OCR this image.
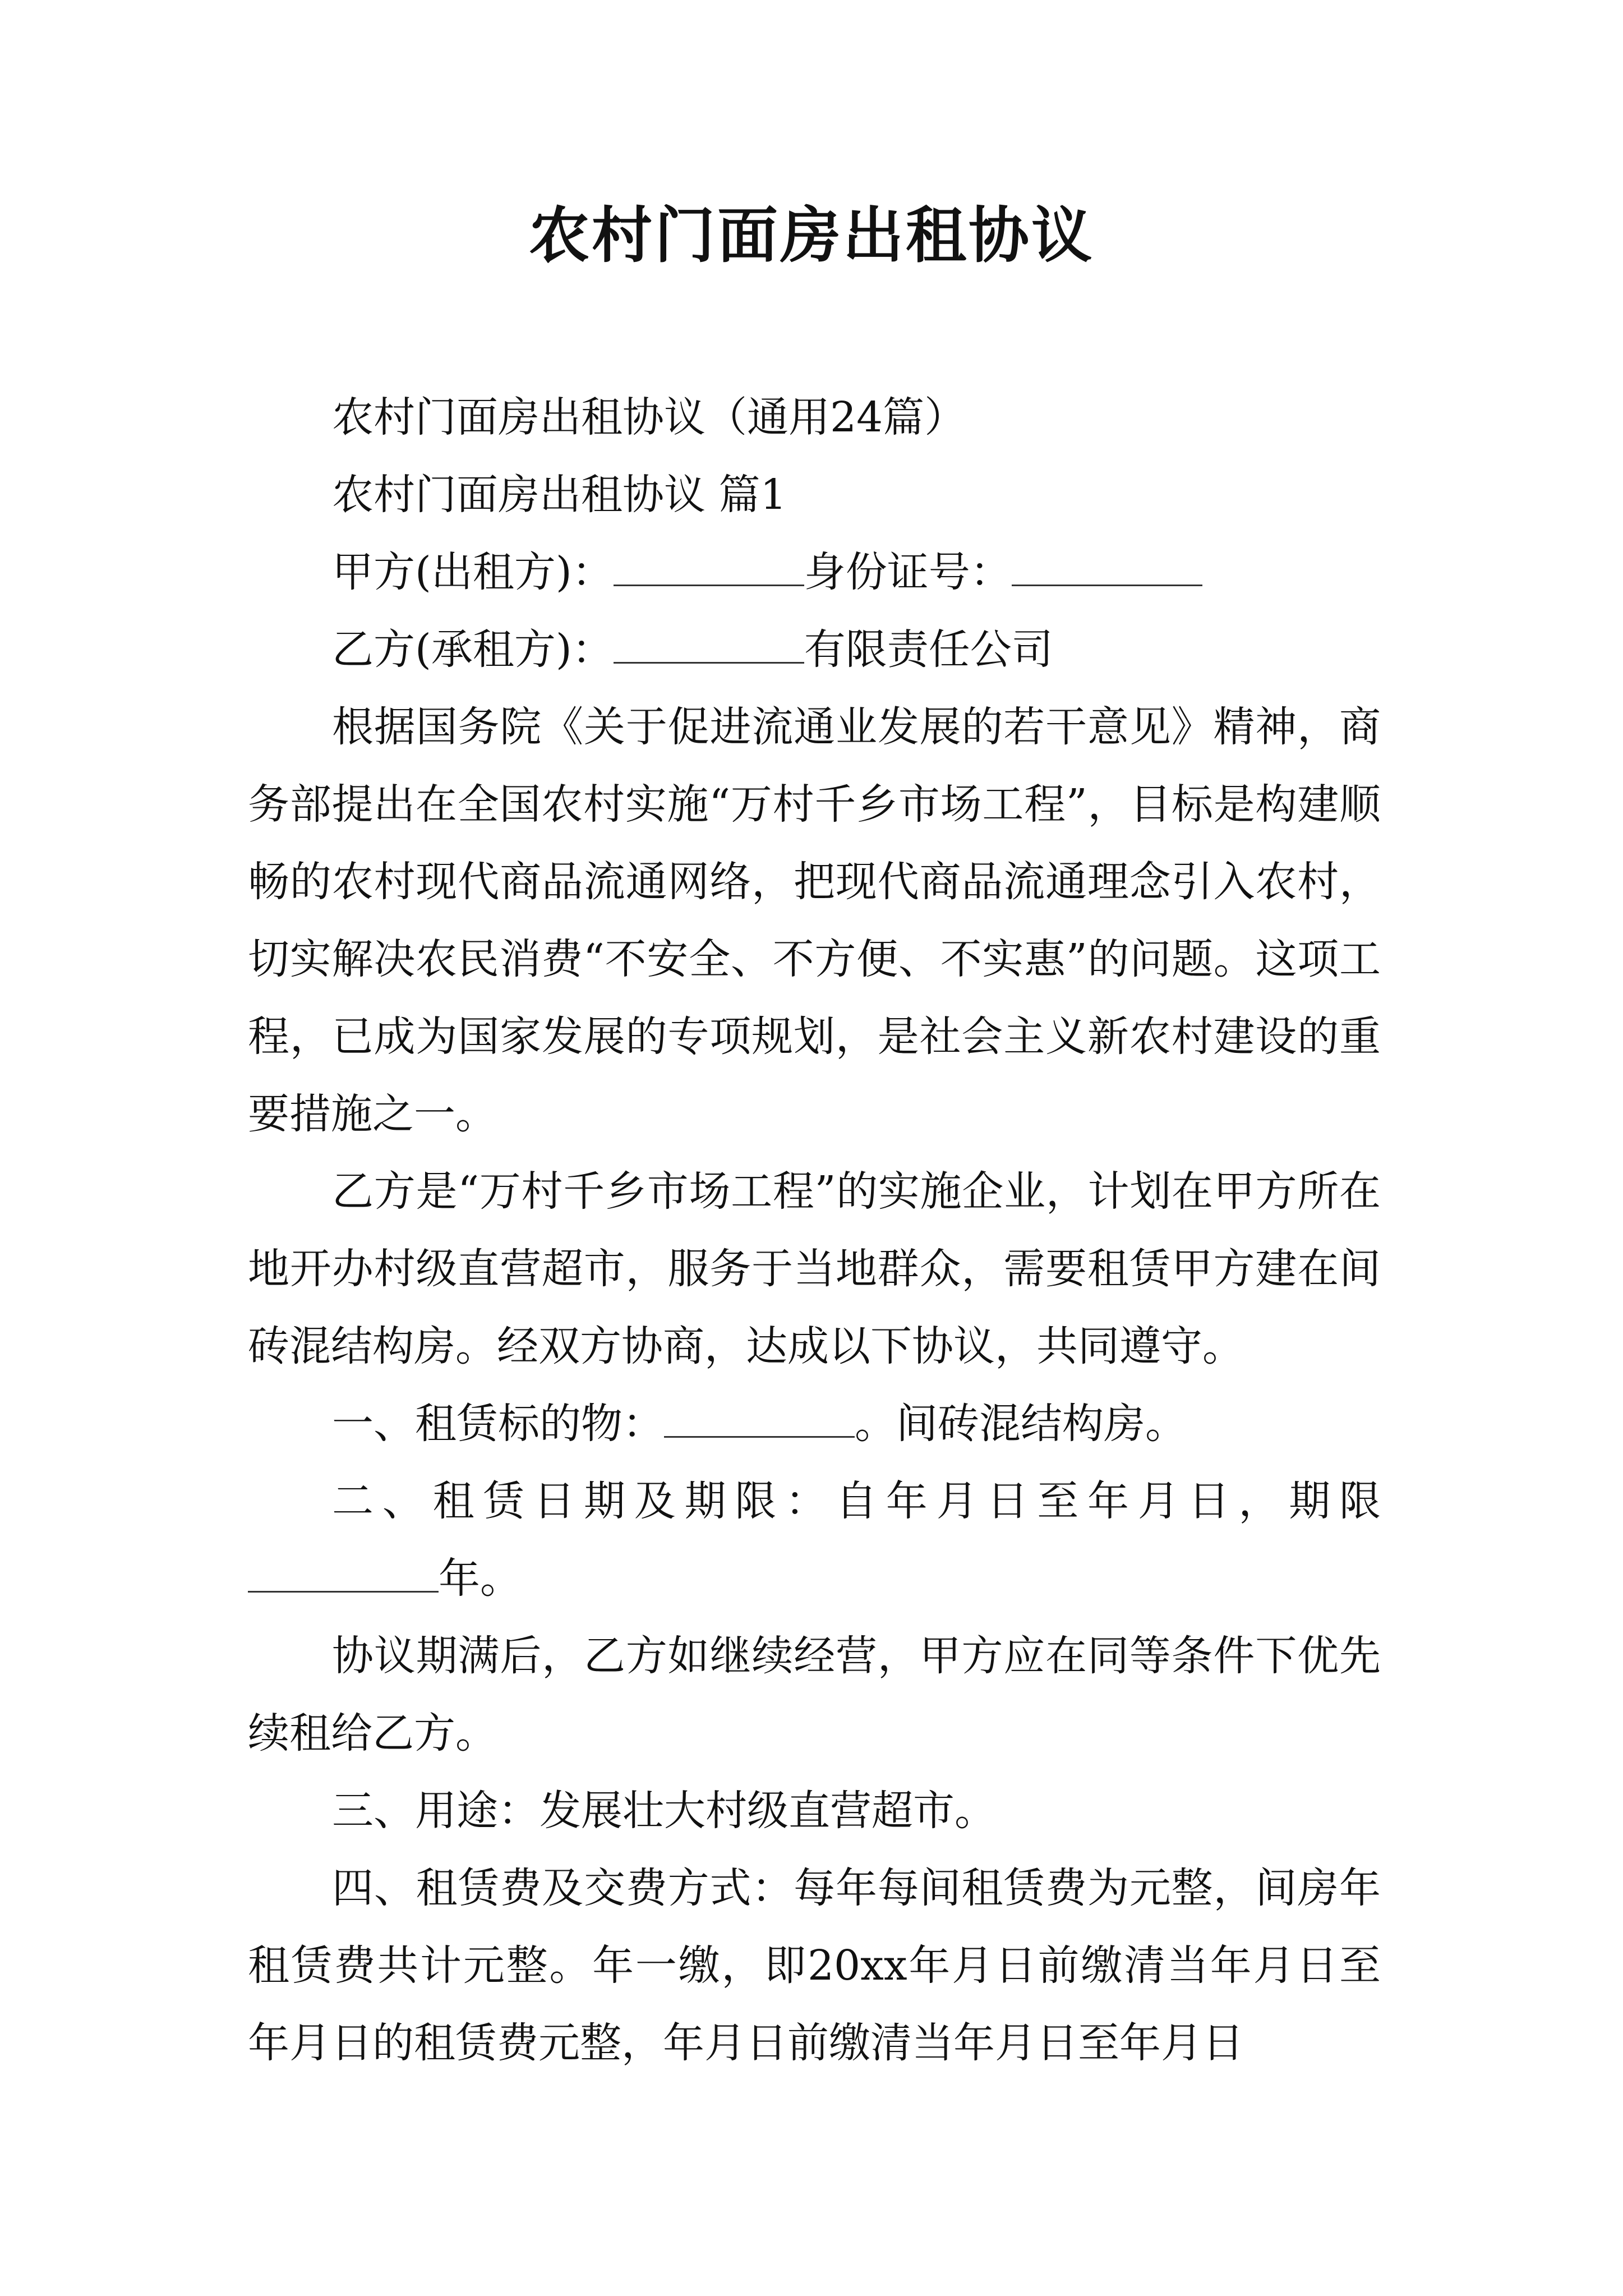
农村门面房出租协议

农村门面房出租协议（通用24篇）

农村门面房出租协议 篇1

甲方(出租方)：	身份证号：

乙方(承租方)：	有限责任公司

根据国务院《关于促进流通业发展的若干意见》精神，商务部提出在全国农村实施“万村千乡市场工程”，目标是构建顺畅的农村现代商品流通网络，把现代商品流通理念引入农村，切实解决农民消费“不安全、不方便、不实惠”的问题。这项工程，已成为国家发展的专项规划，是社会主义新农村建设的重要措施之一。

乙方是“万村千乡市场工程”的实施企业，计划在甲方所在地开办村级直营超市，服务于当地群众，需要租赁甲方建在间砖混结构房。经双方协商，达成以下协议，共同遵守。

一、租赁标的物：	。间砖混结构房。

二、租赁日期及期限：自年月日至年月日，期限年。

协议期满后，乙方如继续经营，甲方应在同等条件下优先续租给乙方。

三、用途：发展壮大村级直营超市。

四、租赁费及交费方式：每年每间租赁费为元整，间房年租赁费共计元整。年一缴，即20xx年月日前缴清当年月日至年月日的租赁费元整，年月日前缴清当年月日至年月日
